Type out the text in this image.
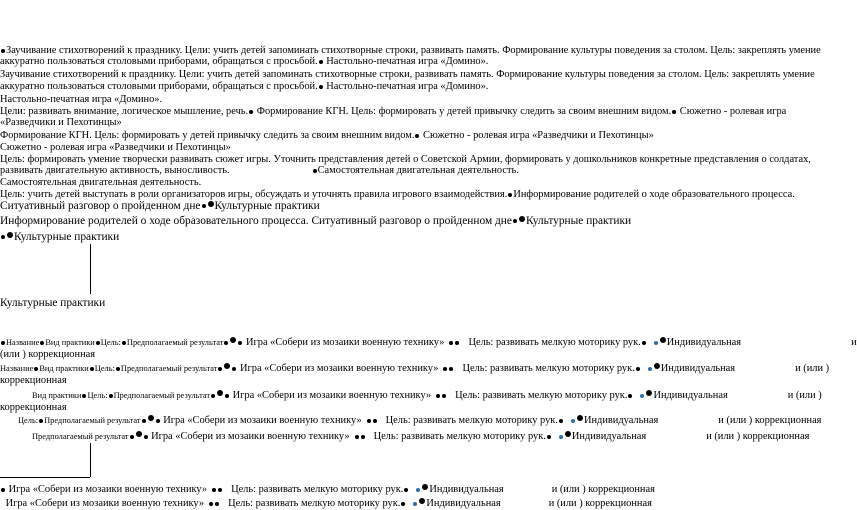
Заучивание стихотворений к празднику. Цели: учить детей запоминать стихотворные строки, развивать память. Формирование культуры поведения за столом. Цель: закреплять умение
аккуратно пользоваться столовыми приборами, обращаться с просьбой. Настольно-печатная игра «Домино».
Заучивание стихотворений к празднику. Цели: учить детей запоминать стихотворные строки, развивать память. Формирование культуры поведения за столом. Цель: закреплять умение
аккуратно пользоваться столовыми приборами, обращаться с просьбой. Настольно-печатная игра «Домино».
Настольно-печатная игра «Домино».
Цели: развивать внимание, логическое мышление, речь. Формирование КГН. Цель: формировать у детей привычку следить за своим внешним видом. Сюжетно - ролевая игра
«Разведчики и Пехотинцы»
Формирование КГН. Цель: формировать у детей привычку следить за своим внешним видом. Сюжетно - ролевая игра «Разведчики и Пехотинцы»
Сюжетно - ролевая игра «Разведчики и Пехотинцы»
Цель: формировать умение творчески развивать сюжет игры. Уточнить представления детей о Советской Армии, формировать у дошкольников конкретные представления о солдатах,
развивать двигательную активность, выносливость.	Самостоятельная двигательная деятельность.
Самостоятельная двигательная деятельность.
Цель: учить детей выступать в роли организаторов игры, обсуждать и уточнять правила игрового взаимодействия. Информирование родителей о ходе образовательного процесса.
Ситуативный разговор о пройденном дне Культурные практики
Информирование родителей о ходе образовательного процесса. Ситуативный разговор о пройденном дне Культурные практики
Культурные практики
Культурные практики
Название Вид практики Цель: Предполагаемый результат Игра «Собери из мозаики военную технику» Цель: развивать мелкую моторику рук.	Индивидуальная	и
(или ) коррекционная
Название Вид практики Цель: Предполагаемый результат Игра «Собери из мозаики военную технику» Цель: развивать мелкую моторику рук.	Индивидуальная	и (или )
коррекционная
Вид практики Цель: Предполагаемый результат Игра «Собери из мозаики военную технику» Цель: развивать мелкую моторику рук.	Индивидуальная	и (или )
коррекционная
Цель: Предполагаемый результат Игра «Собери из мозаики военную технику» Цель: развивать мелкую моторику рук.	Индивидуальная	и (или ) коррекционная
Предполагаемый результат Игра «Собери из мозаики военную технику» Цель: развивать мелкую моторику рук.	Индивидуальная	и (или ) коррекционная
Игра «Собери из мозаики военную технику» Цель: развивать мелкую моторику рук.	Индивидуальная	и (или ) коррекционная
Игра «Собери из мозаики военную технику» Цель: развивать мелкую моторику рук.	Индивидуальная	и (или ) коррекционная
